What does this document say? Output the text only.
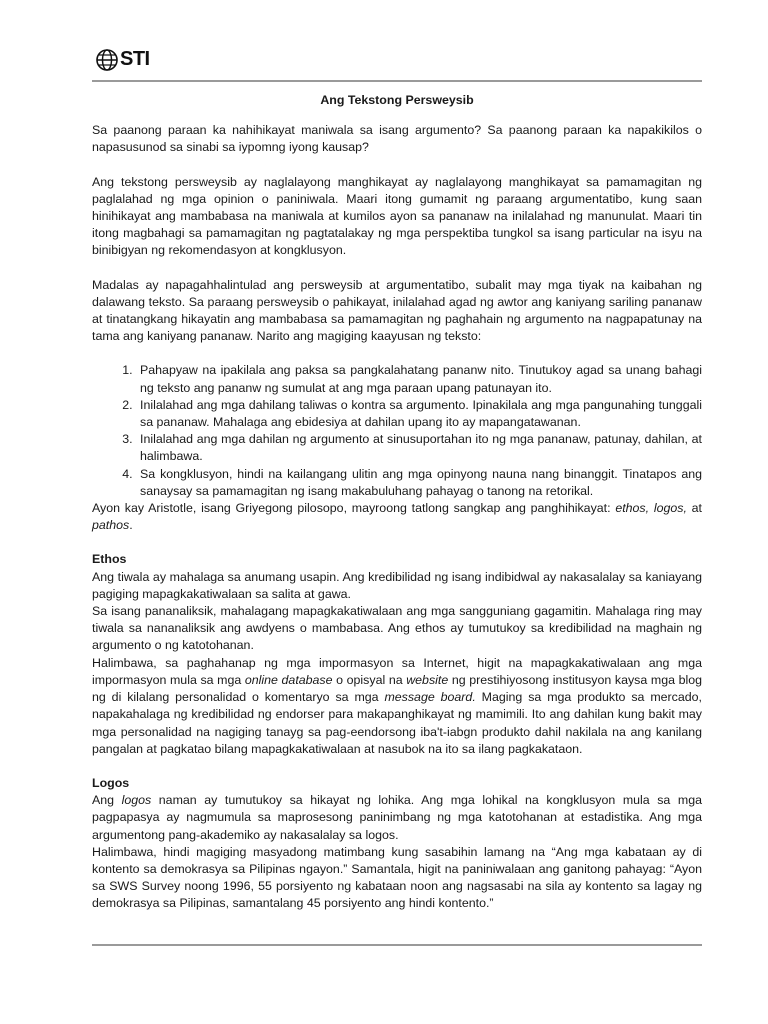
STI
Ang Tekstong Persweysib

Sa paanong paraan ka nahihikayat maniwala sa isang argumento? Sa paanong paraan ka napakikilos o napasusunod sa sinabi sa iypomng iyong kausap?

Ang tekstong persweysib ay naglalayong manghikayat ay naglalayong manghikayat sa pamamagitan ng paglalahad ng mga opinion o paniniwala. Maari itong gumamit ng paraang argumentatibo, kung saan hinihikayat ang mambabasa na maniwala at kumilos ayon sa pananaw na inilalahad ng manunulat. Maari tin itong magbahagi sa pamamagitan ng pagtatalakay ng mga perspektiba tungkol sa isang particular na isyu na binibigyan ng rekomendasyon at kongklusyon.

Madalas ay napagahhalintulad ang persweysib at argumentatibo, subalit may mga tiyak na kaibahan ng dalawang teksto. Sa paraang persweysib o pahikayat, inilalahad agad ng awtor ang kaniyang sariling pananaw at tinatangkang hikayatin ang mambabasa sa pamamagitan ng paghahain ng argumento na nagpapatunay na tama ang kaniyang pananaw. Narito ang magiging kaayusan ng teksto:

1. Pahapyaw na ipakilala ang paksa sa pangkalahatang pananw nito. Tinutukoy agad sa unang bahagi ng teksto ang pananw ng sumulat at ang mga paraan upang patunayan ito.
2. Inilalahad ang mga dahilang taliwas o kontra sa argumento. Ipinakilala ang mga pangunahing tunggali sa pananaw. Mahalaga ang ebidesiya at dahilan upang ito ay mapangatawanan.
3. Inilalahad ang mga dahilan ng argumento at sinusuportahan ito ng mga pananaw, patunay, dahilan, at halimbawa.
4. Sa kongklusyon, hindi na kailangang ulitin ang mga opinyong nauna nang binanggit. Tinatapos ang sanaysay sa pamamagitan ng isang makabuluhang pahayag o tanong na retorikal.

Ayon kay Aristotle, isang Griyegong pilosopo, mayroong tatlong sangkap ang panghihikayat: ethos, logos, at pathos.

Ethos

Ang tiwala ay mahalaga sa anumang usapin. Ang kredibilidad ng isang indibidwal ay nakasalalay sa kaniayang pagiging mapagkakatiwalaan sa salita at gawa.

Sa isang pananaliksik, mahalagang mapagkakatiwalaan ang mga sangguniang gagamitin. Mahalaga ring may tiwala sa nananaliksik ang awdyens o mambabasa. Ang ethos ay tumutukoy sa kredibilidad na maghain ng argumento o ng katotohanan.

Halimbawa, sa paghahanap ng mga impormasyon sa Internet, higit na mapagkakatiwalaan ang mga impormasyon mula sa mga online database o opisyal na website ng prestihiyosong institusyon kaysa mga blog ng di kilalang personalidad o komentaryo sa mga message board. Maging sa mga produkto sa mercado, napakahalaga ng kredibilidad ng endorser para makapanghikayat ng mamimili. Ito ang dahilan kung bakit may mga personalidad na nagiging tanayg sa pag-eendorsong iba't-iabgn produkto dahil nakilala na ang kanilang pangalan at pagkatao bilang mapagkakatiwalaan at nasubok na ito sa ilang pagkakataon.

Logos

Ang logos naman ay tumutukoy sa hikayat ng lohika. Ang mga lohikal na kongklusyon mula sa mga pagpapasya ay nagmumula sa maprosesong paninimbang ng mga katotohanan at estadistika. Ang mga argumentong pang-akademiko ay nakasalalay sa logos.

Halimbawa, hindi magiging masyadong matimbang kung sasabihin lamang na “Ang mga kabataan ay di kontento sa demokrasya sa Pilipinas ngayon.” Samantala, higit na paniniwalaan ang ganitong pahayag: “Ayon sa SWS Survey noong 1996, 55 porsiyento ng kabataan noon ang nagsasabi na sila ay kontento sa lagay ng demokrasya sa Pilipinas, samantalang 45 porsiyento ang hindi kontento.”
